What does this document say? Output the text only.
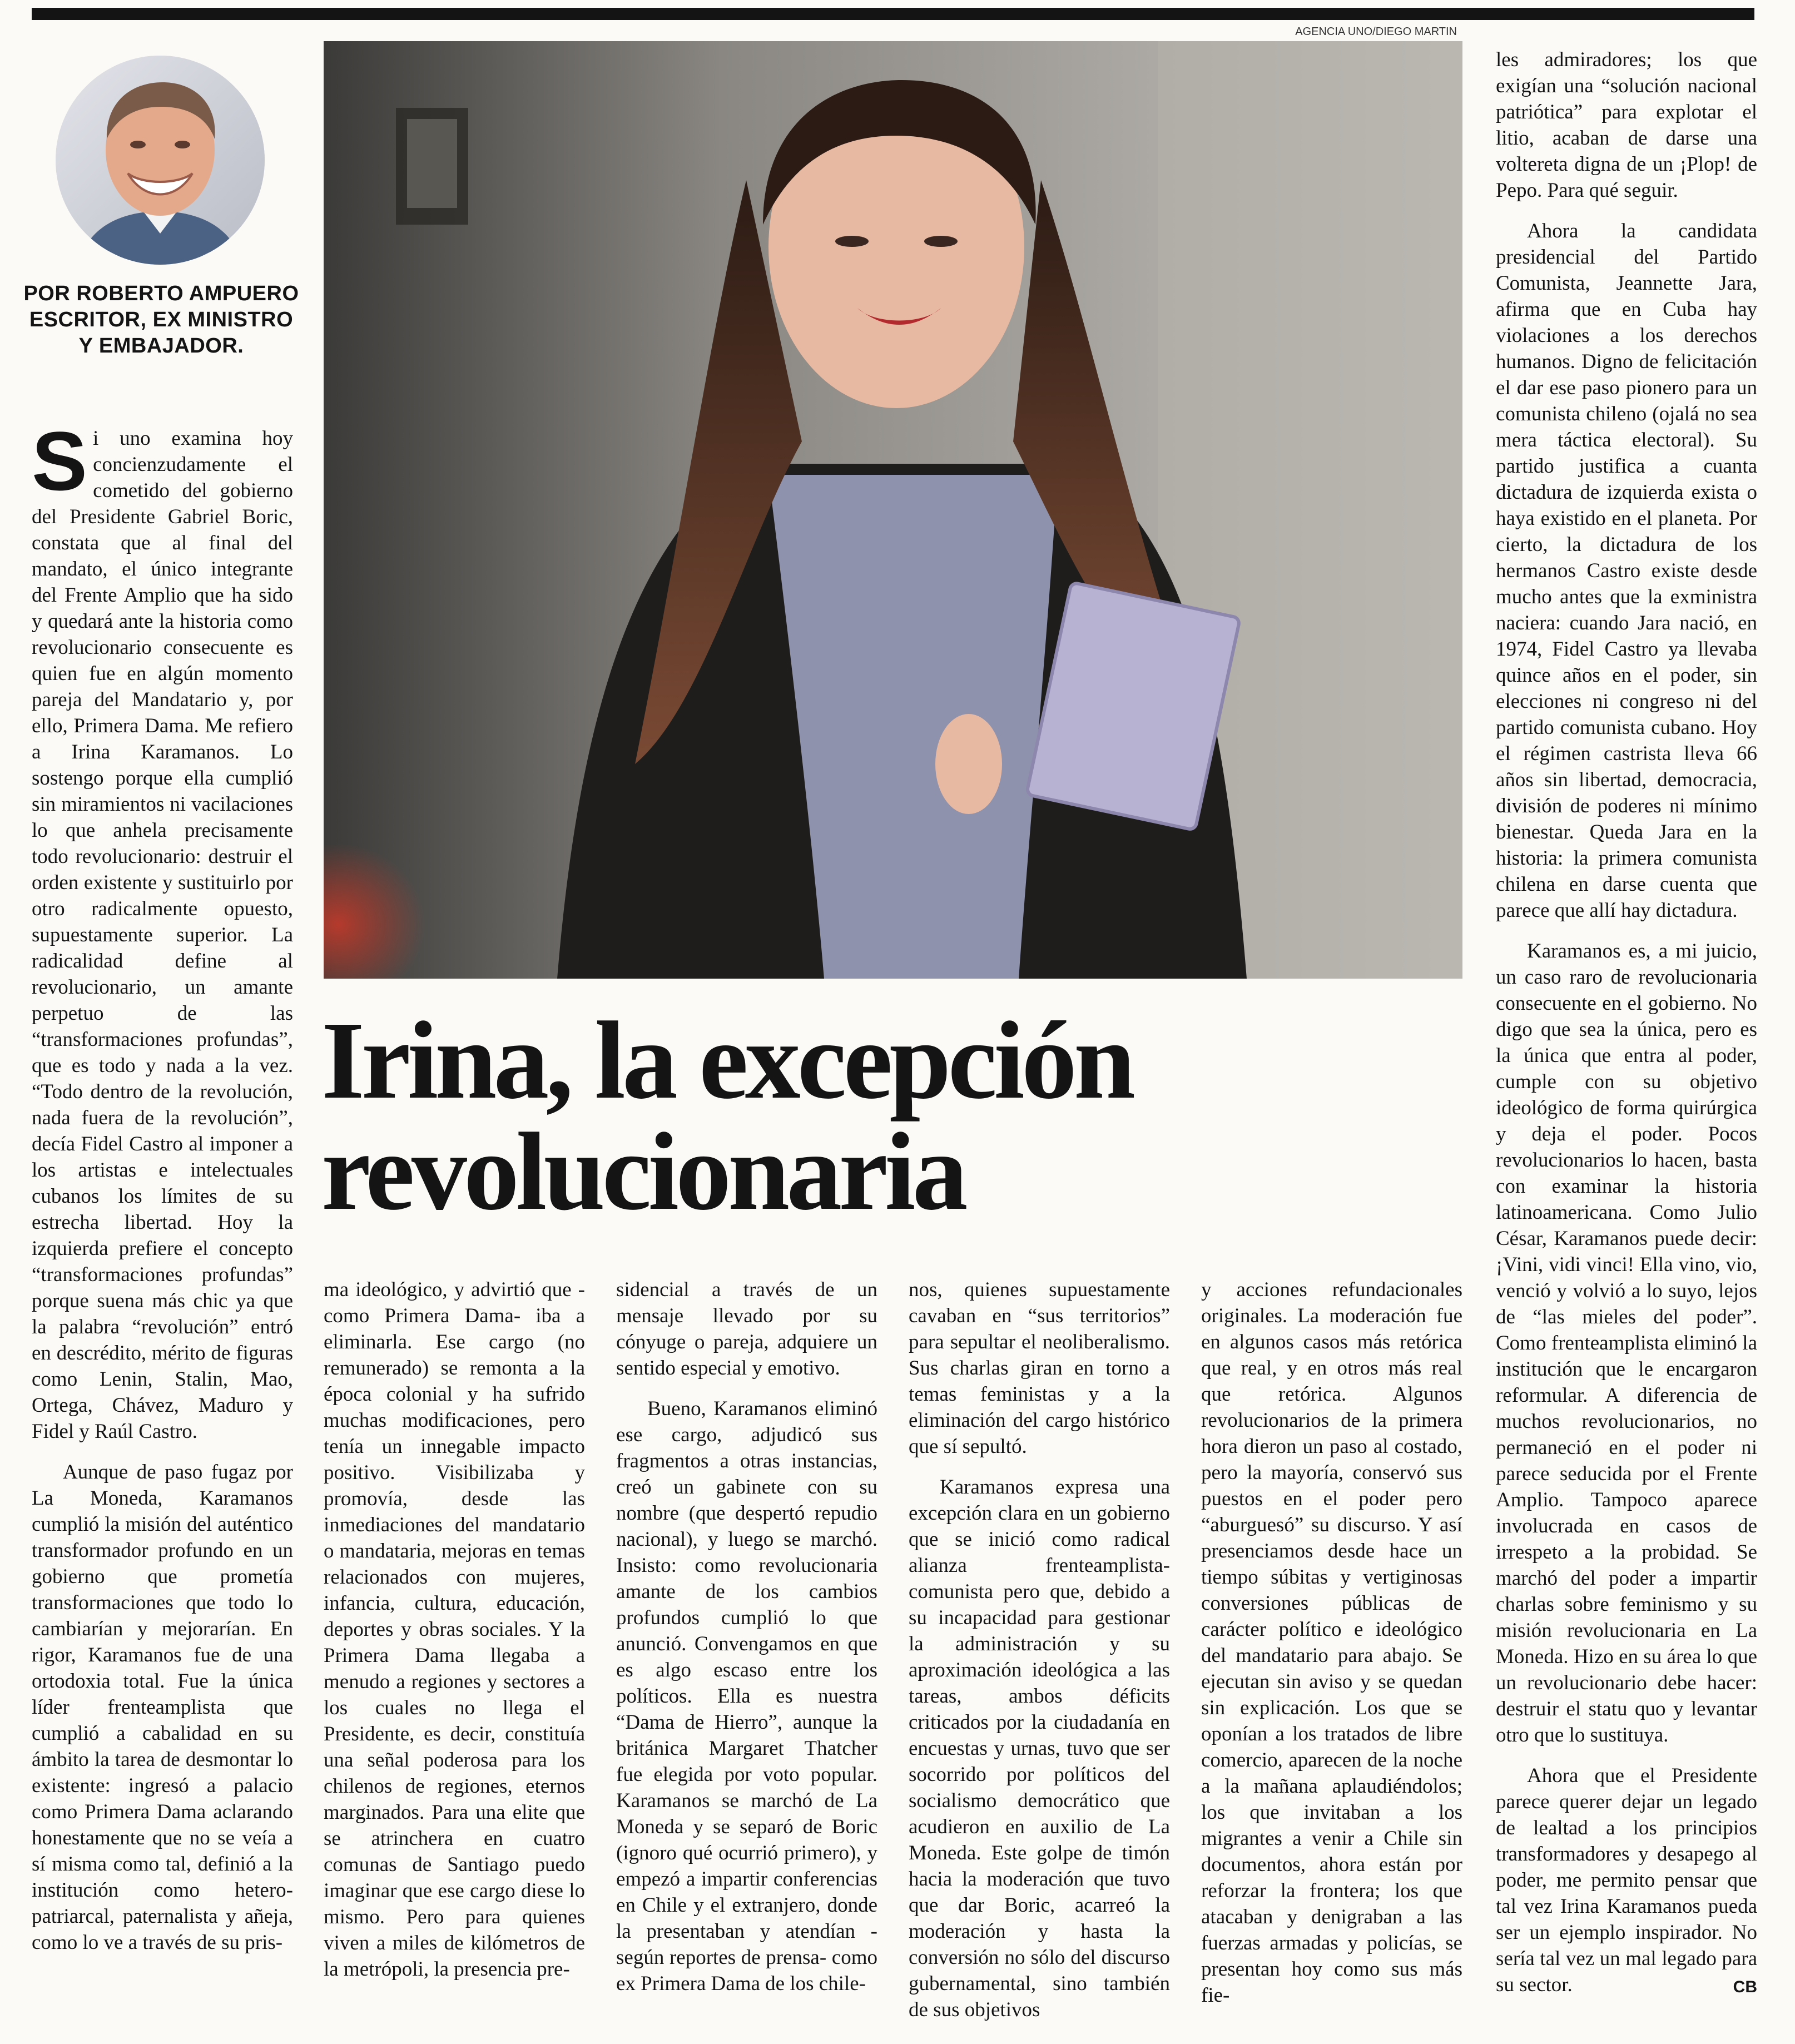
POR ROBERTO AMPUERO
ESCRITOR, EX MINISTRO
Y EMBAJADOR.
AGENCIA UNO/DIEGO MARTIN
Irina, la excepción
revolucionaria

Si uno examina hoy concienzudamente el cometido del gobierno del Presidente Gabriel Boric, constata que al final del mandato, el único integrante del Frente Amplio que ha sido y quedará ante la historia como revolucionario consecuente es quien fue en algún momento pareja del Mandatario y, por ello, Primera Dama. Me refiero a Irina Karamanos. Lo sostengo porque ella cumplió sin miramientos ni vacilaciones lo que anhela precisamente todo revolucionario: destruir el orden existente y sustituirlo por otro radicalmente opuesto, supuestamente superior. La radicalidad define al revolucionario, un amante perpetuo de las “transformaciones profundas”, que es todo y nada a la vez. “Todo dentro de la revolución, nada fuera de la revolución”, decía Fidel Castro al imponer a los artistas e intelectuales cubanos los límites de su estrecha libertad. Hoy la izquierda prefiere el concepto “transformaciones profundas” porque suena más chic ya que la palabra “revolución” entró en descrédito, mérito de figuras como Lenin, Stalin, Mao, Ortega, Chávez, Maduro y Fidel y Raúl Castro.

Aunque de paso fugaz por La Moneda, Karamanos cumplió la misión del auténtico transformador profundo en un gobierno que prometía transformaciones que todo lo cambiarían y mejorarían. En rigor, Karamanos fue de una ortodoxia total. Fue la única líder frenteamplista que cumplió a cabalidad en su ámbito la tarea de desmontar lo existente: ingresó a palacio como Primera Dama aclarando honestamente que no se veía a sí misma como tal, definió a la institución como hetero-patriarcal, paternalista y añeja, como lo ve a través de su pris-

ma ideológico, y advirtió que -como Primera Dama- iba a eliminarla. Ese cargo (no remunerado) se remonta a la época colonial y ha sufrido muchas modificaciones, pero tenía un innegable impacto positivo. Visibilizaba y promovía, desde las inmediaciones del mandatario o mandataria, mejoras en temas relacionados con mujeres, infancia, cultura, educación, deportes y obras sociales. Y la Primera Dama llegaba a menudo a regiones y sectores a los cuales no llega el Presidente, es decir, constituía una señal poderosa para los chilenos de regiones, eternos marginados. Para una elite que se atrinchera en cuatro comunas de Santiago puedo imaginar que ese cargo diese lo mismo. Pero para quienes viven a miles de kilómetros de la metrópoli, la presencia pre-

sidencial a través de un mensaje llevado por su cónyuge o pareja, adquiere un sentido especial y emotivo.

Bueno, Karamanos eliminó ese cargo, adjudicó sus fragmentos a otras instancias, creó un gabinete con su nombre (que despertó repudio nacional), y luego se marchó. Insisto: como revolucionaria amante de los cambios profundos cumplió lo que anunció. Convengamos en que es algo escaso entre los políticos. Ella es nuestra “Dama de Hierro”, aunque la británica Margaret Thatcher fue elegida por voto popular. Karamanos se marchó de La Moneda y se separó de Boric (ignoro qué ocurrió primero), y empezó a impartir conferencias en Chile y el extranjero, donde la presentaban y atendían -según reportes de prensa- como ex Primera Dama de los chile-

nos, quienes supuestamente cavaban en “sus territorios” para sepultar el neoliberalismo. Sus charlas giran en torno a temas feministas y a la eliminación del cargo histórico que sí sepultó.

Karamanos expresa una excepción clara en un gobierno que se inició como radical alianza frenteamplista-comunista pero que, debido a su incapacidad para gestionar la administración y su aproximación ideológica a las tareas, ambos déficits criticados por la ciudadanía en encuestas y urnas, tuvo que ser socorrido por políticos del socialismo democrático que acudieron en auxilio de La Moneda. Este golpe de timón hacia la moderación que tuvo que dar Boric, acarreó la moderación y hasta la conversión no sólo del discurso gubernamental, sino también de sus objetivos

y acciones refundacionales originales. La moderación fue en algunos casos más retórica que real, y en otros más real que retórica. Algunos revolucionarios de la primera hora dieron un paso al costado, pero la mayoría, conservó sus puestos en el poder pero “aburguesó” su discurso. Y así presenciamos desde hace un tiempo súbitas y vertiginosas conversiones públicas de carácter político e ideológico del mandatario para abajo. Se ejecutan sin aviso y se quedan sin explicación. Los que se oponían a los tratados de libre comercio, aparecen de la noche a la mañana aplaudiéndolos; los que invitaban a los migrantes a venir a Chile sin documentos, ahora están por reforzar la frontera; los que atacaban y denigraban a las fuerzas armadas y policías, se presentan hoy como sus más fie-

les admiradores; los que exigían una “solución nacional patriótica” para explotar el litio, acaban de darse una voltereta digna de un ¡Plop! de Pepo. Para qué seguir.

Ahora la candidata presidencial del Partido Comunista, Jeannette Jara, afirma que en Cuba hay violaciones a los derechos humanos. Digno de felicitación el dar ese paso pionero para un comunista chileno (ojalá no sea mera táctica electoral). Su partido justifica a cuanta dictadura de izquierda exista o haya existido en el planeta. Por cierto, la dictadura de los hermanos Castro existe desde mucho antes que la exministra naciera: cuando Jara nació, en 1974, Fidel Castro ya llevaba quince años en el poder, sin elecciones ni congreso ni del partido comunista cubano. Hoy el régimen castrista lleva 66 años sin libertad, democracia, división de poderes ni mínimo bienestar. Queda Jara en la historia: la primera comunista chilena en darse cuenta que parece que allí hay dictadura.

Karamanos es, a mi juicio, un caso raro de revolucionaria consecuente en el gobierno. No digo que sea la única, pero es la única que entra al poder, cumple con su objetivo ideológico de forma quirúrgica y deja el poder. Pocos revolucionarios lo hacen, basta con examinar la historia latinoamericana. Como Julio César, Karamanos puede decir: ¡Vini, vidi vinci! Ella vino, vio, venció y volvió a lo suyo, lejos de “las mieles del poder”. Como frenteamplista eliminó la institución que le encargaron reformular. A diferencia de muchos revolucionarios, no permaneció en el poder ni parece seducida por el Frente Amplio. Tampoco aparece involucrada en casos de irrespeto a la probidad. Se marchó del poder a impartir charlas sobre feminismo y su misión revolucionaria en La Moneda. Hizo en su área lo que un revolucionario debe hacer: destruir el statu quo y levantar otro que lo sustituya.

Ahora que el Presidente parece querer dejar un legado de lealtad a los principios transformadores y desapego al poder, me permito pensar que tal vez Irina Karamanos pueda ser un ejemplo inspirador. No sería tal vez un mal legado para su sector.	CB
